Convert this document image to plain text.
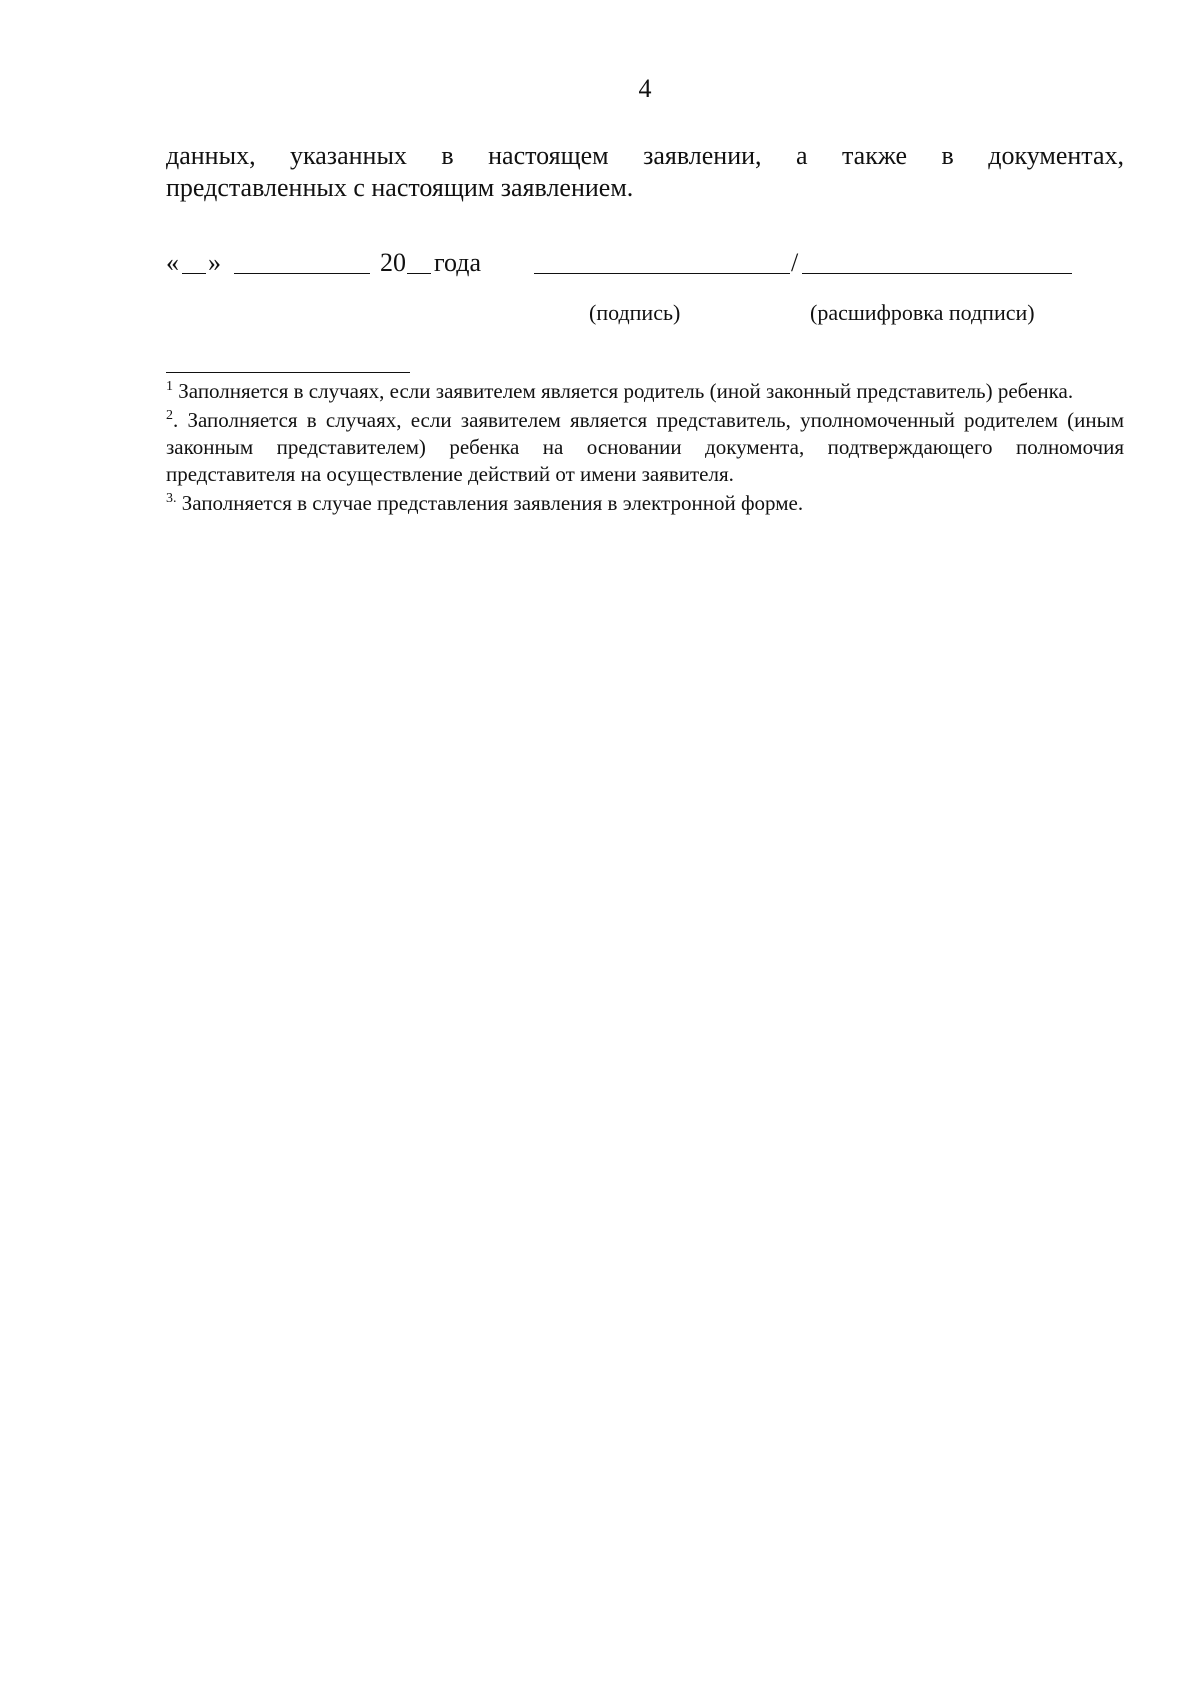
4
данных, указанных в настоящем заявлении, а также в документах,
представленных с настоящим заявлением.
« »	20 года	/
(подпись)	(расшифровка подписи)
$^1$ Заполняется в случаях, если заявителем является родитель (иной законный представитель) ребенка.
$^2$. Заполняется в случаях, если заявителем является представитель, уполномоченный родителем (иным законным представителем) ребенка на основании документа, подтверждающего полномочия представителя на осуществление действий от имени заявителя.
$^{3.}$ Заполняется в случае представления заявления в электронной форме.
